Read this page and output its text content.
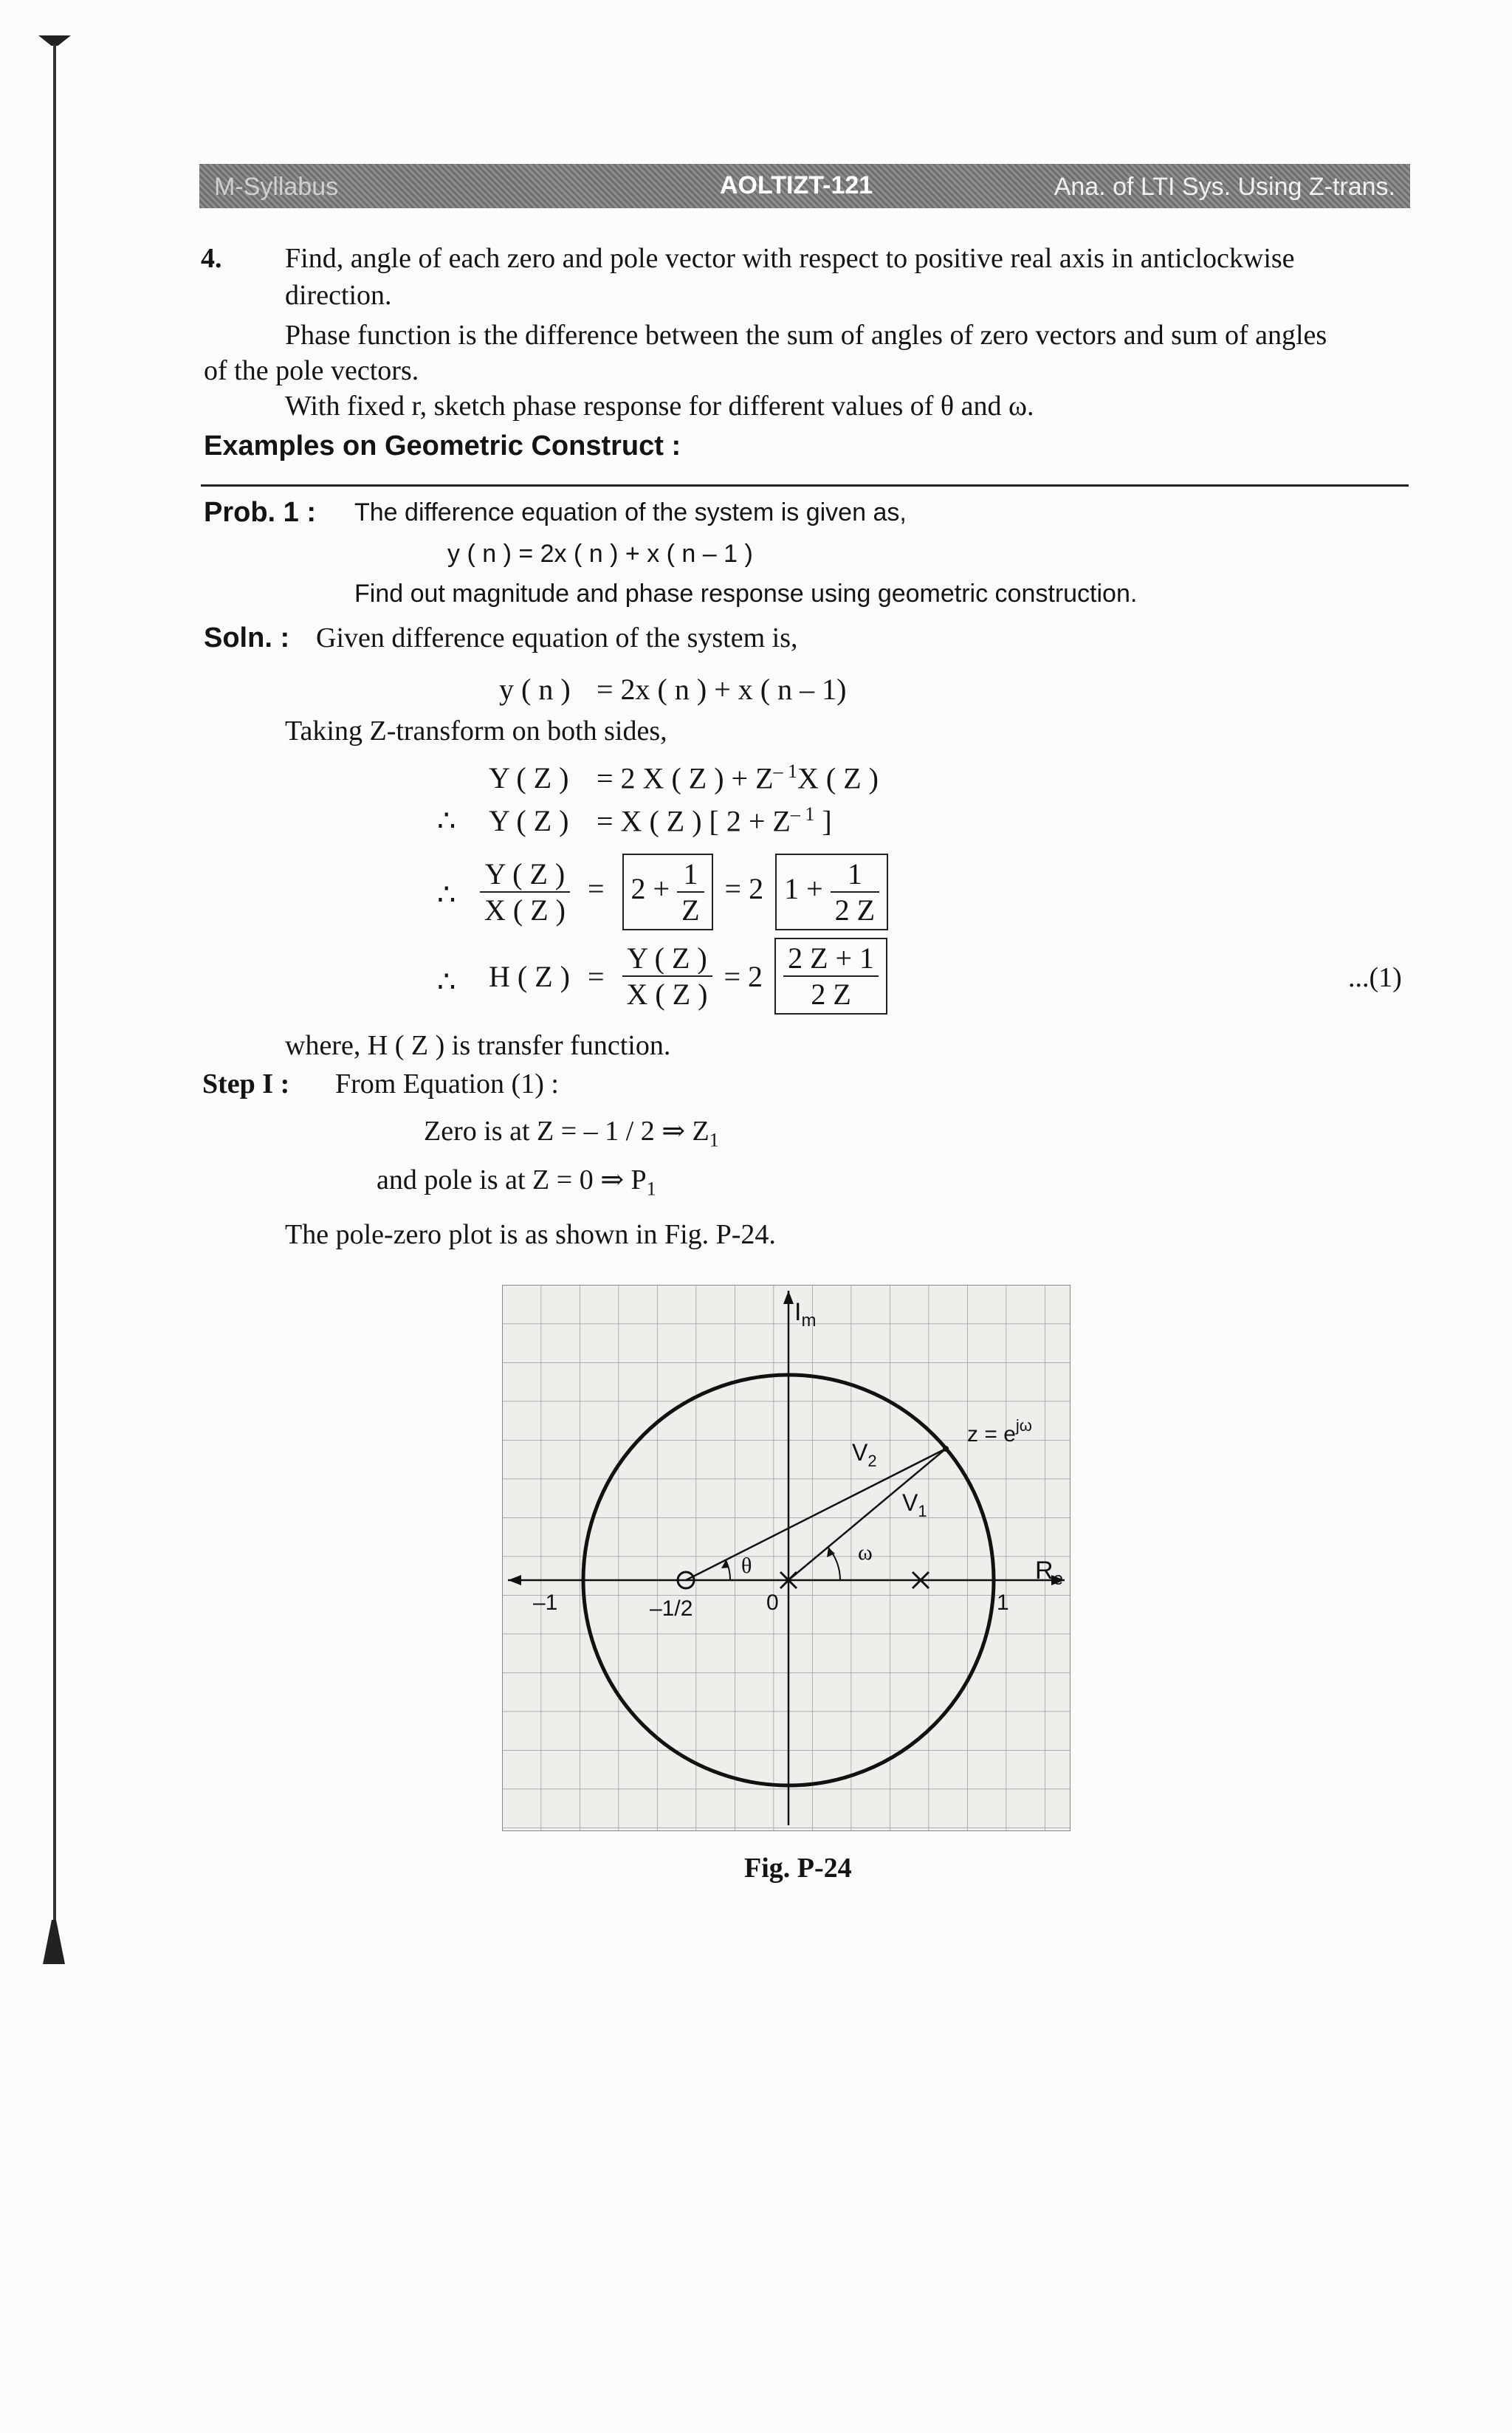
M-Syllabus	AOLTIZT-121	Ana. of LTI Sys. Using Z-trans.
4. Find, angle of each zero and pole vector with respect to positive real axis in anticlockwise
direction.
Phase function is the difference between the sum of angles of zero vectors and sum of angles
of the pole vectors.
With fixed r, sketch phase response for different values of θ and ω.
Examples on Geometric Construct :
Prob. 1 : The difference equation of the system is given as,
y ( n ) = 2x ( n ) + x ( n – 1 )
Find out magnitude and phase response using geometric construction.
Soln. : Given difference equation of the system is,
y ( n ) = 2x ( n ) + x ( n – 1)
Taking Z-transform on both sides,
Y ( Z ) = 2 X ( Z ) + $Z^{- 1}X$ ( Z )
∴ Y ( Z ) = X ( Z ) [ $2 + Z^{- 1}$ ]
∴ $\frac{Y ( Z )}{X ( Z )} = 2 + \frac{1}{Z} = 2$ $1 + \frac{1}{2 Z}$
∴ H ( Z ) = $\frac{Y ( Z )}{X ( Z )} = 2 \frac{2 Z + 1}{2 Z}$	...(1)
where, H ( Z ) is transfer function.
Step I : From Equation (1) :
Zero is at Z = – 1 / 2 ⇒ $Z_1$
and pole is at Z = 0 ⇒ $P_1$
The pole-zero plot is as shown in Fig. P-24.
$I_m$
$R_e$
$z = e^{j\omega}$
$V_2$
$V_1$
θ
ω
–1	–1/2	0	1
Fig. P-24
